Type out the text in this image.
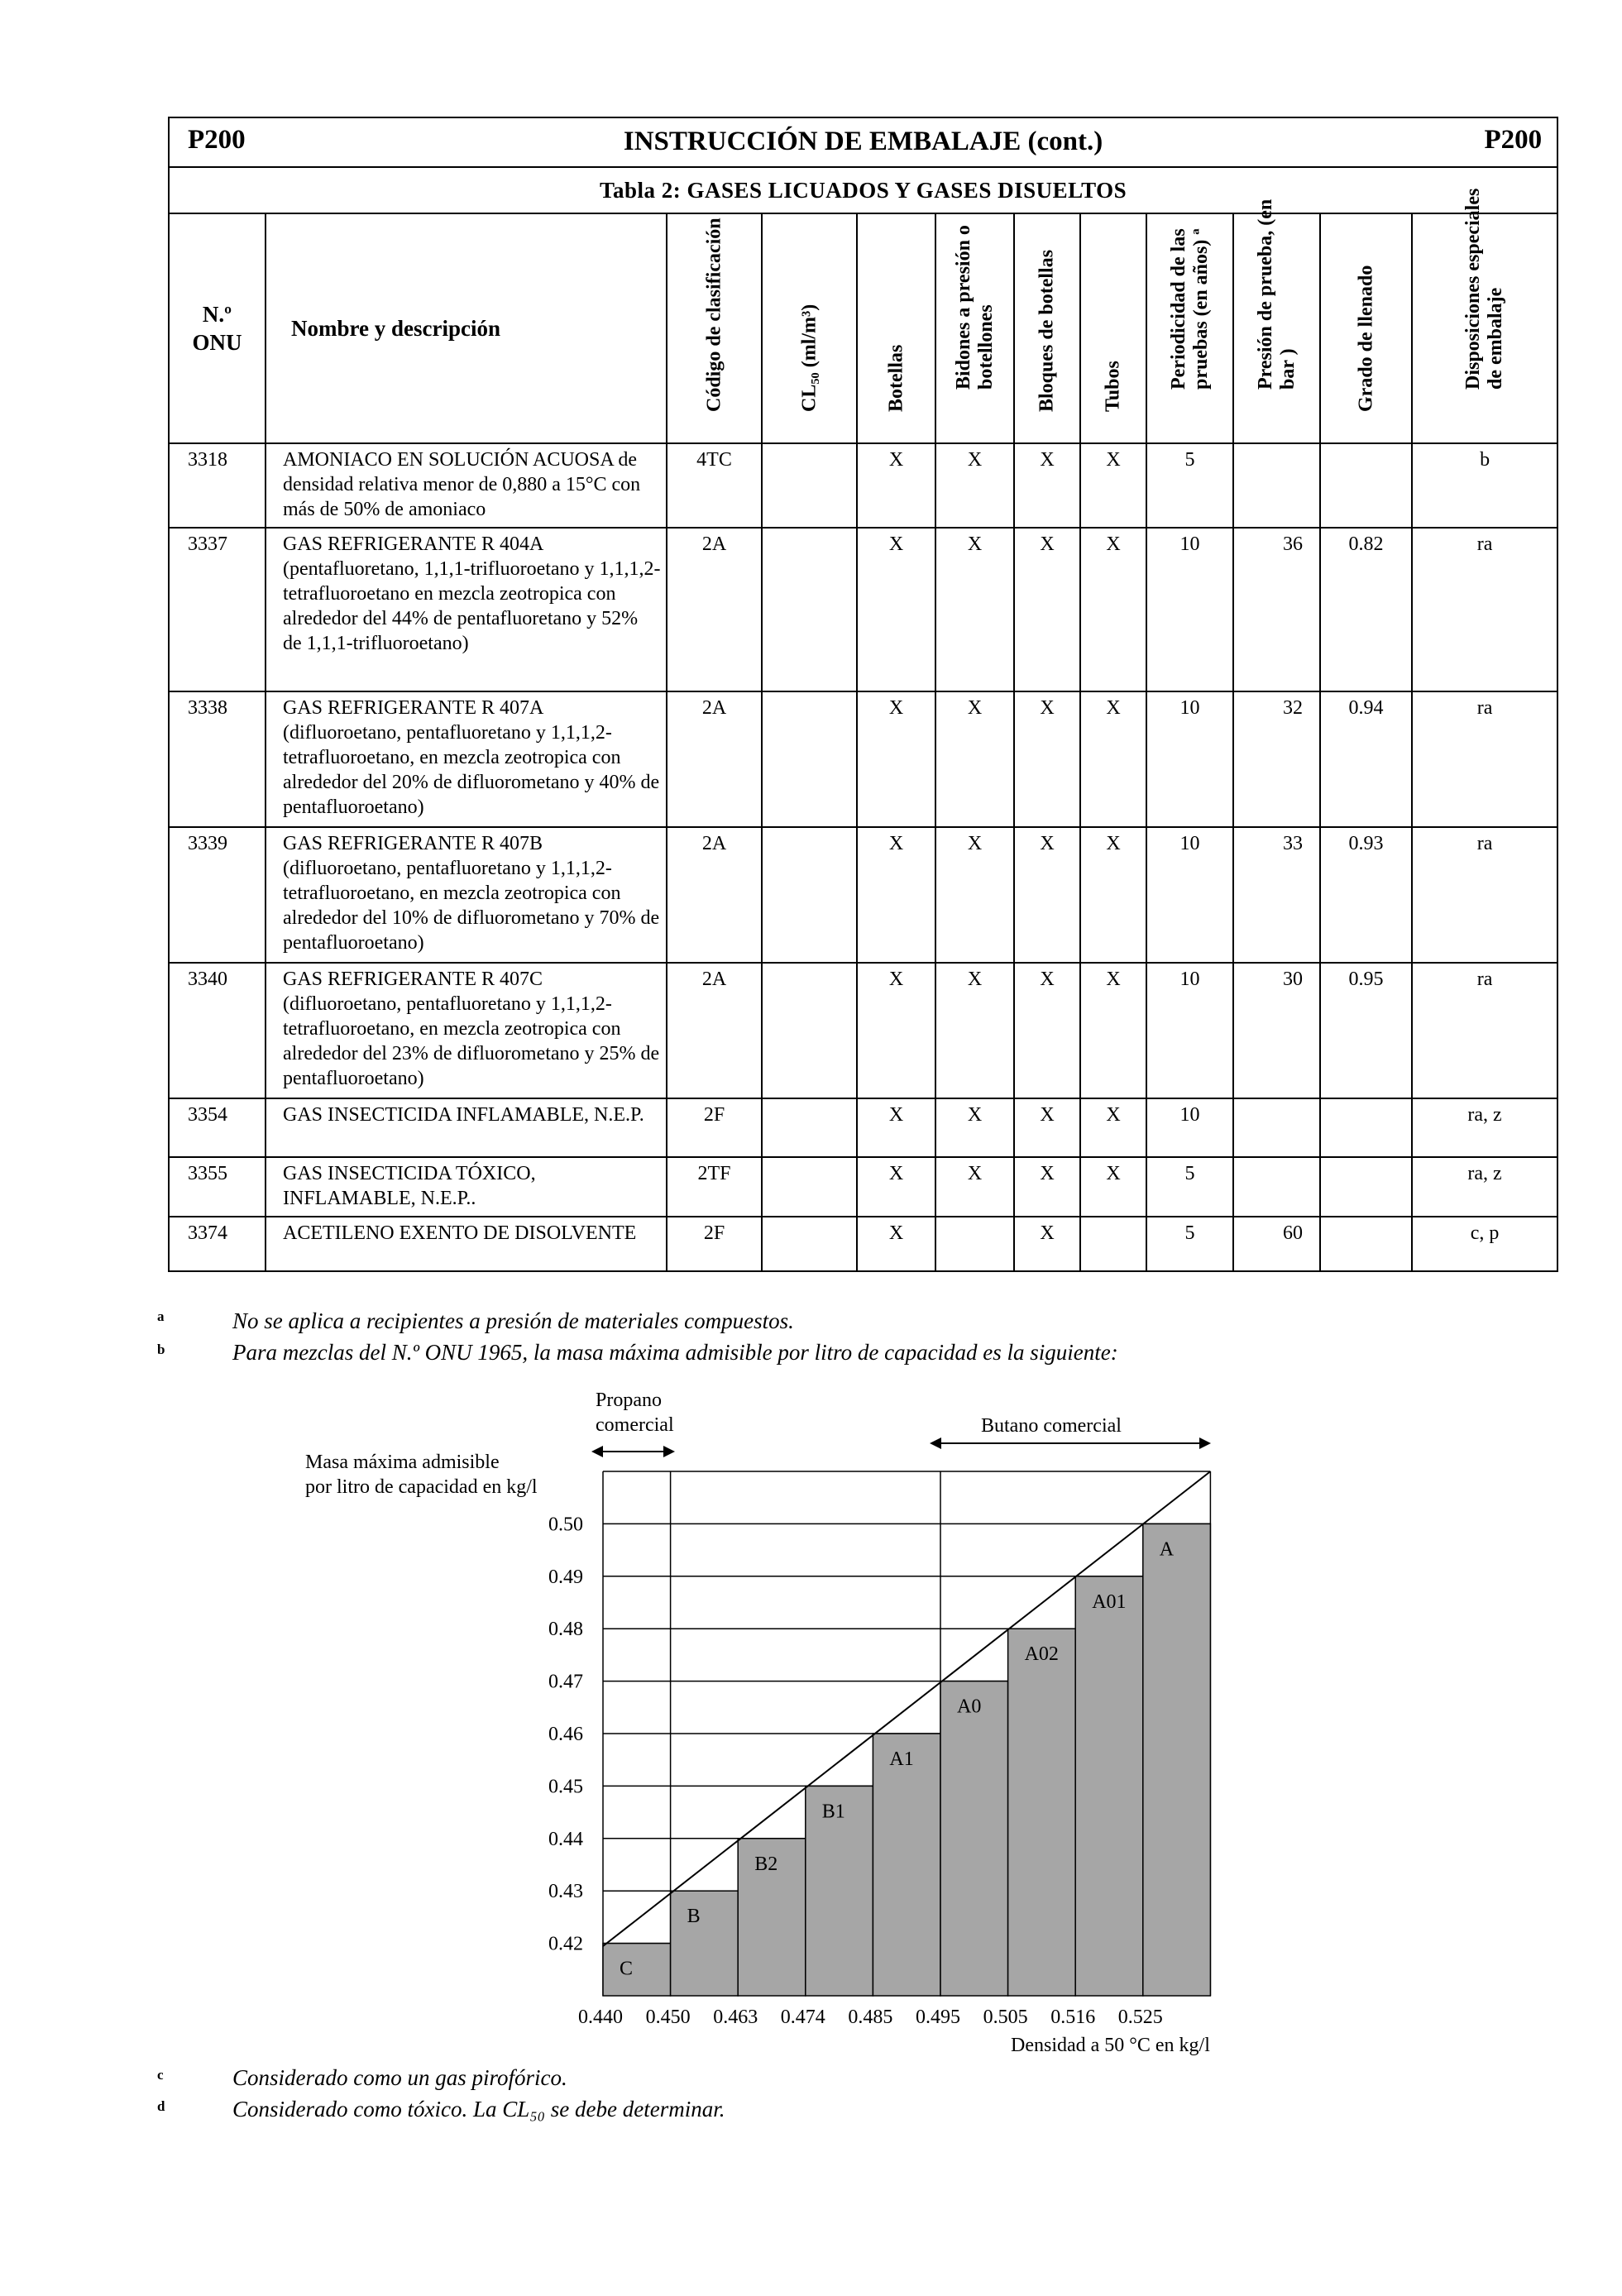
P200 INSTRUCCIÓN DE EMBALAJE (cont.) P200											

Tabla 2: GASES LICUADOS Y GASES DISUELTOS											
N.º
ONU	Nombre y descripción	Código de clasificación	CL₅₀ (ml/m³)	Botellas	Bidones a presión o botellones	Bloques de botellas	Tubos	Periodicidad de las pruebas (en años) ª	Presión de prueba, (en bar )	Grado de llenado	Disposiciones especiales de embalaje

3318	AMONIACO EN SOLUCIÓN ACUOSA de densidad relativa menor de 0,880 a 15°C con más de 50% de amoniaco	4TC		X	X	X	X	5			b
3337	GAS REFRIGERANTE R 404A (pentafluoretano, 1,1,1-trifluoroetano y 1,1,1,2-tetrafluoroetano en mezcla zeotropica con alrededor del 44% de pentafluoretano y 52% de 1,1,1-trifluoroetano)	2A		X	X	X	X	10	36	0.82	ra
3338	GAS REFRIGERANTE R 407A (difluoroetano, pentafluoretano y 1,1,1,2-tetrafluoroetano, en mezcla zeotropica con alrededor del 20% de difluorometano y 40% de pentafluoroetano)	2A		X	X	X	X	10	32	0.94	ra
3339	GAS REFRIGERANTE R 407B (difluoroetano, pentafluoretano y 1,1,1,2-tetrafluoroetano, en mezcla zeotropica con alrededor del 10% de difluorometano y 70% de pentafluoroetano)	2A		X	X	X	X	10	33	0.93	ra
3340	GAS REFRIGERANTE R 407C (difluoroetano, pentafluoretano y 1,1,1,2-tetrafluoroetano, en mezcla zeotropica con alrededor del 23% de difluorometano y 25% de pentafluoroetano)	2A		X	X	X	X	10	30	0.95	ra
3354	GAS INSECTICIDA INFLAMABLE, N.E.P.	2F		X	X	X	X	10			ra, z
3355	GAS INSECTICIDA TÓXICO, INFLAMABLE, N.E.P..	2TF		X	X	X	X	5			ra, z
3374	ACETILENO EXENTO DE DISOLVENTE	2F		X		X		5	60		c, p
a	No se aplica a recipientes a presión de materiales compuestos.
b	Para mezclas del N.º ONU 1965, la masa máxima admisible por litro de capacidad es la siguiente:
C
B
B2
B1
A1
A0
A02
A01
A
0.42
0.43
0.44
0.45
0.46
0.47
0.48
0.49
0.50
0.440 0.450 0.463 0.474 0.485 0.495 0.505 0.516 0.525
Propano
comercial	Butano comercial
Masa máxima admisible
por litro de capacidad en kg/l
Densidad a 50 °C en kg/l
c	Considerado como un gas pirofórico.
d	Considerado como tóxico. La CL₅₀ se debe determinar.
